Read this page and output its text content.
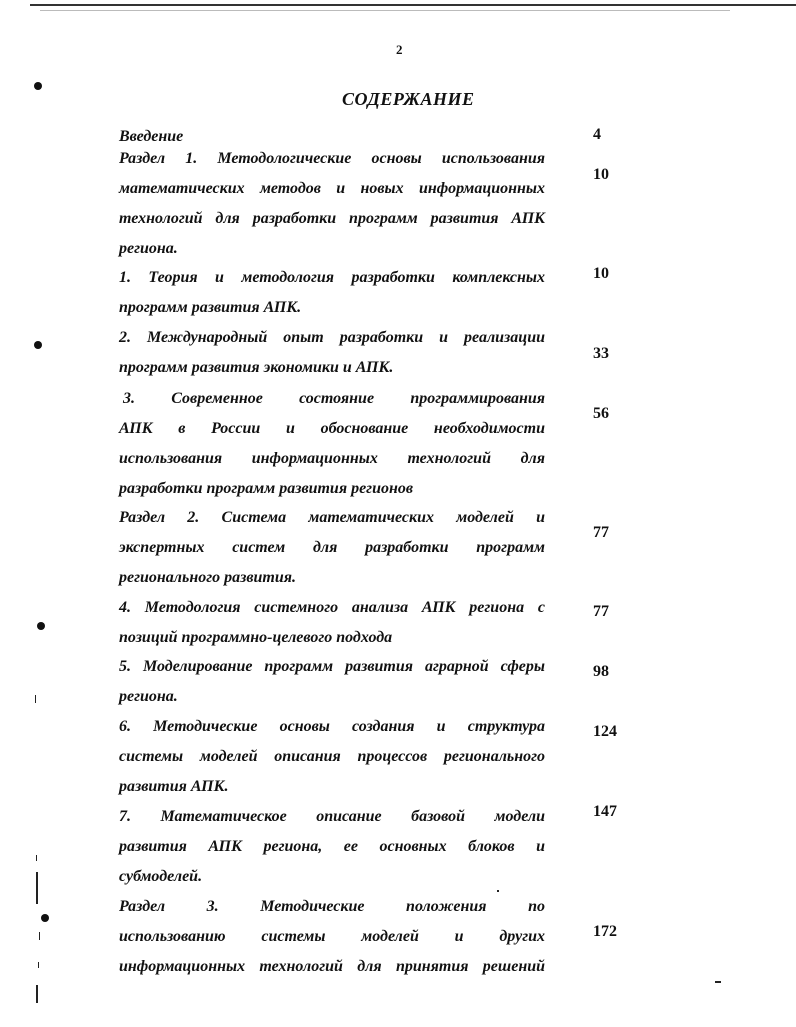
2
СОДЕРЖАНИЕ
Введение	4
Раздел 1. Методологические основы использования
математических методов и новых информационных
технологий для разработки программ развития АПК
региона.
10
1. Теория и методология разработки комплексных
программ развития АПК.
10
2. Международный опыт разработки и реализации
программ развития экономики и АПК.
33
3. Современное состояние программирования
АПК в России и обоснование необходимости
использования информационных технологий для
разработки программ развития регионов
56
Раздел 2. Система математических моделей и
экспертных систем для разработки программ
регионального развития.
77
4. Методология системного анализа АПК региона с
позиций программно-целевого подхода
77
5. Моделирование программ развития аграрной сферы
региона.
98
6. Методические основы создания и структура
системы моделей описания процессов регионального
развития АПК.
124
7. Математическое описание базовой модели
развития АПК региона, ее основных блоков и
субмоделей.
147
Раздел 3. Методические положения по
использованию системы моделей и других
информационных технологий для принятия решений
172
